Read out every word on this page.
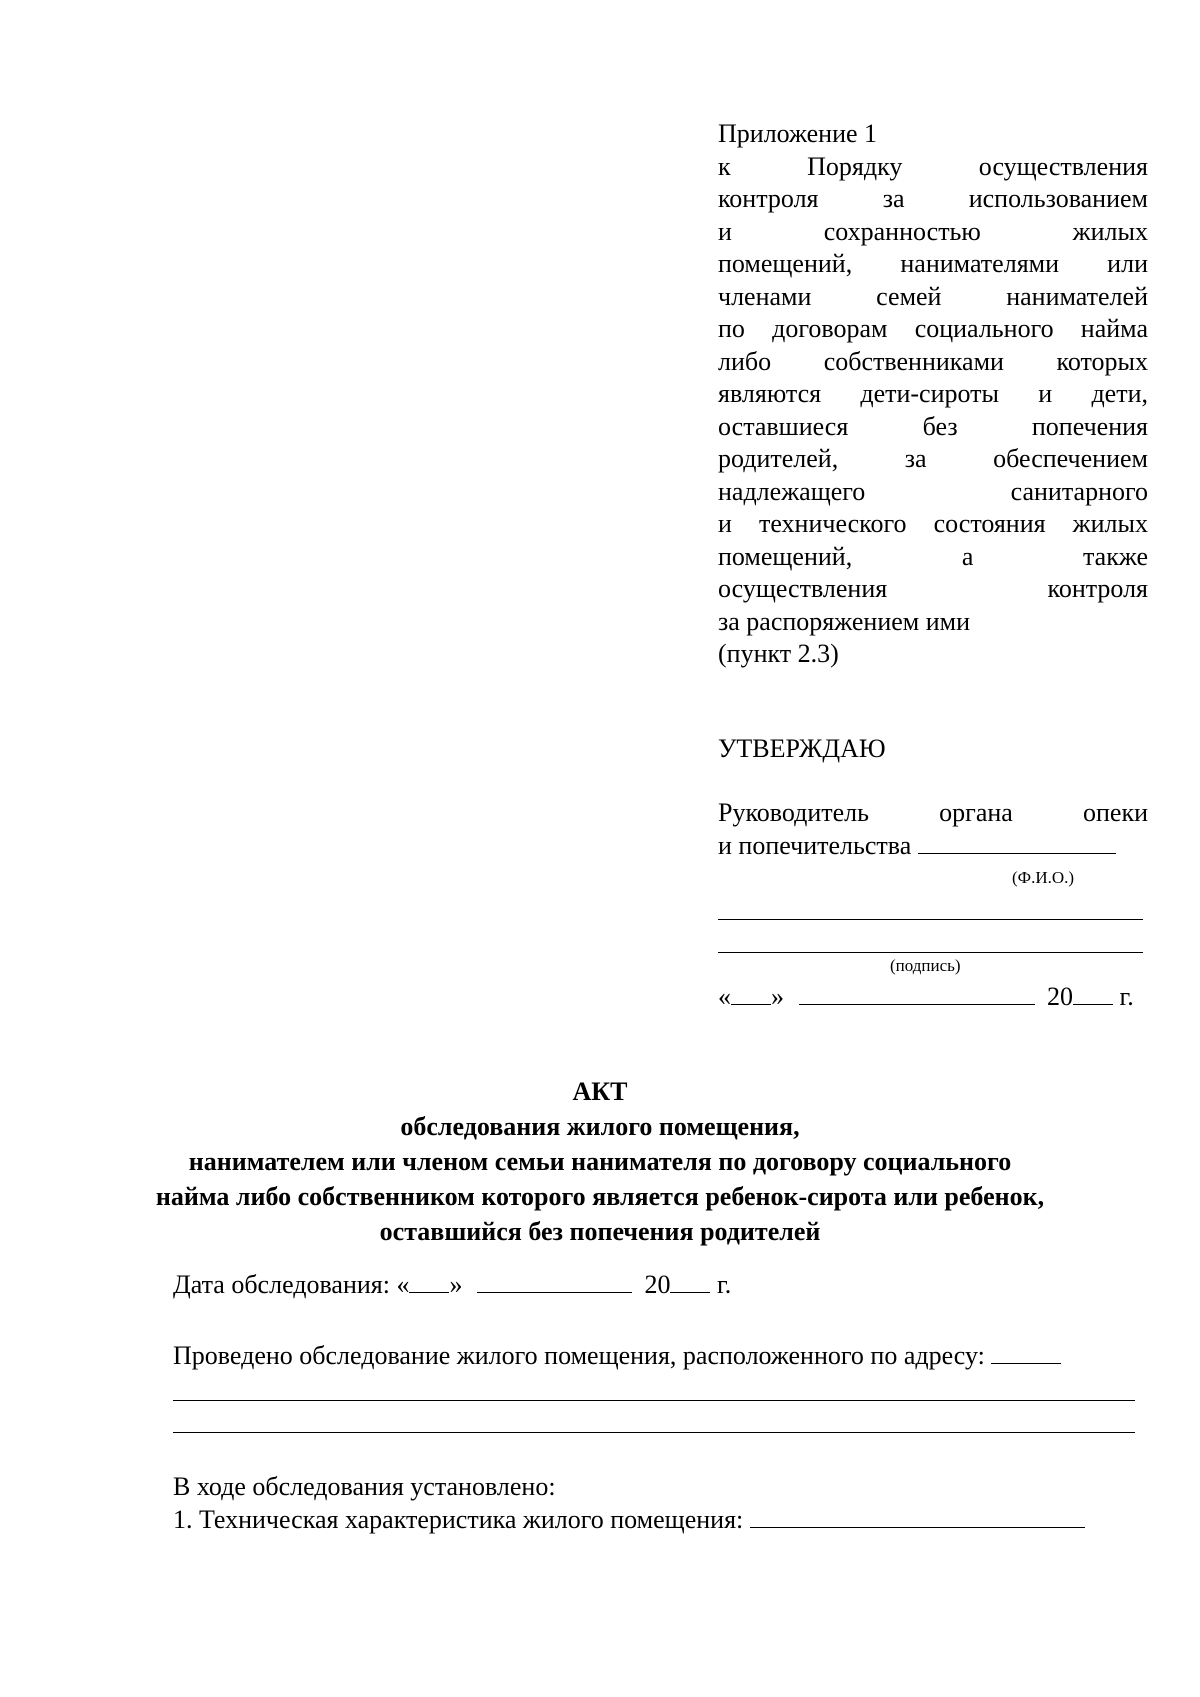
Приложение 1
к Порядку осуществления
контроля за использованием
и сохранностью жилых
помещений, нанимателями или
членами семей нанимателей
по договорам социального найма
либо собственниками которых
являются дети-сироты и дети,
оставшиеся без попечения
родителей, за обеспечением
надлежащего санитарного
и технического состояния жилых
помещений, а также
осуществления контроля
за распоряжением ими
(пункт 2.3)
УТВЕРЖДАЮ
Руководитель органа опеки
и попечительства
(Ф.И.О.)
(подпись)
« »	20 г.
АКТ
обследования жилого помещения,
нанимателем или членом семьи нанимателя по договору социального
найма либо собственником которого является ребенок-сирота или ребенок,
оставшийся без попечения родителей
Дата обследования: « »	20 г.
Проведено обследование жилого помещения, расположенного по адресу:
В ходе обследования установлено:
1. Техническая характеристика жилого помещения:
